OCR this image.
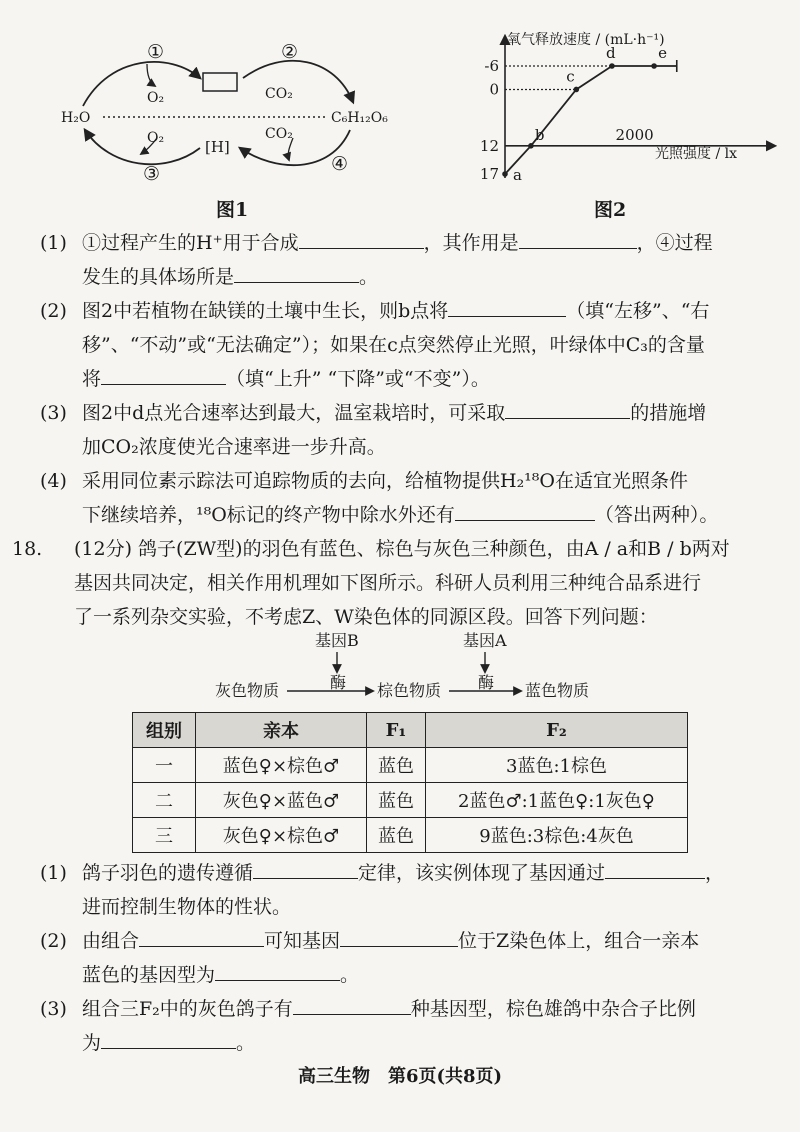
①	②
O₂	CO₂
H₂O	C₆H₁₂O₆
O₂	[H]
CO₂
③	④
图1
氧气释放速度 / (mL·h⁻¹)
光照强度 / lx
17
12
0
-6
2000
a
b
c
d	e
图2
(1) ①过程产生的H⁺用于合成	，其作用是	，④过程
发生的具体场所是	。
(2) 图2中若植物在缺镁的土壤中生长，则b点将	（填“左移”、“右
移”、“不动”或“无法确定”）；如果在c点突然停止光照，叶绿体中C₃的含量
将	（填“上升” “下降”或“不变”）。
(3) 图2中d点光合速率达到最大，温室栽培时，可采取	的措施增
加CO₂浓度使光合速率进一步升高。
(4) 采用同位素示踪法可追踪物质的去向，给植物提供H₂¹⁸O在适宜光照条件
下继续培养，¹⁸O标记的终产物中除水外还有	（答出两种）。
18. (12分) 鸽子(ZW型)的羽色有蓝色、棕色与灰色三种颜色，由A / a和B / b两对
基因共同决定，相关作用机理如下图所示。科研人员利用三种纯合品系进行
了一系列杂交实验，不考虑Z、W染色体的同源区段。回答下列问题：
基因B	基因A
酶	酶
灰色物质	棕色物质	蓝色物质
组别	亲本	F₁	F₂
一	蓝色♀×棕色♂	蓝色	3蓝色:1棕色
二	灰色♀×蓝色♂	蓝色	2蓝色♂:1蓝色♀:1灰色♀
三	灰色♀×棕色♂	蓝色	9蓝色:3棕色:4灰色
(1) 鸽子羽色的遗传遵循	定律，该实例体现了基因通过	，
进而控制生物体的性状。
(2) 由组合	可知基因	位于Z染色体上，组合一亲本
蓝色的基因型为	。
(3) 组合三F₂中的灰色鸽子有	种基因型，棕色雄鸽中杂合子比例
为	。
高三生物　第6页(共8页)
